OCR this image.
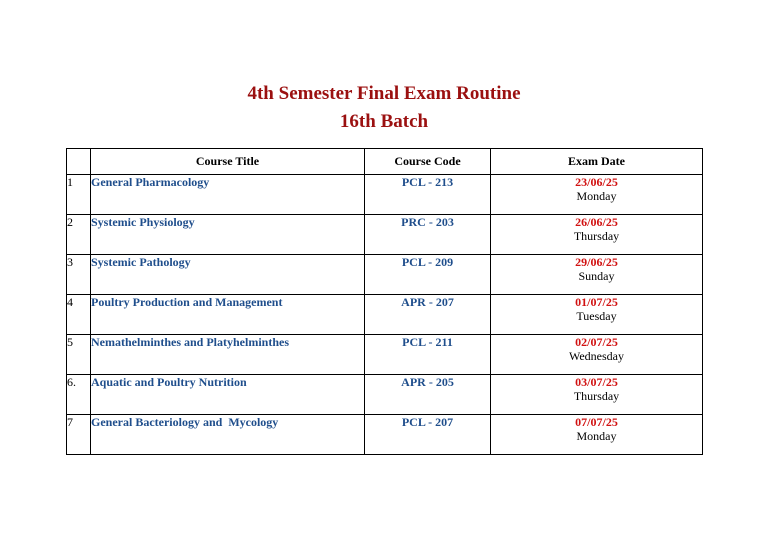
4th Semester Final Exam Routine
16th Batch
	Course Title	Course Code	Exam Date
1	General Pharmacology	PCL - 213	23/06/25
Monday

2	Systemic Physiology	PRC - 203	26/06/25
Thursday

3	Systemic Pathology	PCL - 209	29/06/25
Sunday

4	Poultry Production and Management	APR - 207	01/07/25
Tuesday

5	Nemathelminthes and Platyhelminthes	PCL - 211	02/07/25
Wednesday

6.	Aquatic and Poultry Nutrition	APR - 205	03/07/25
Thursday

7	General Bacteriology and  Mycology	PCL - 207	07/07/25
Monday
